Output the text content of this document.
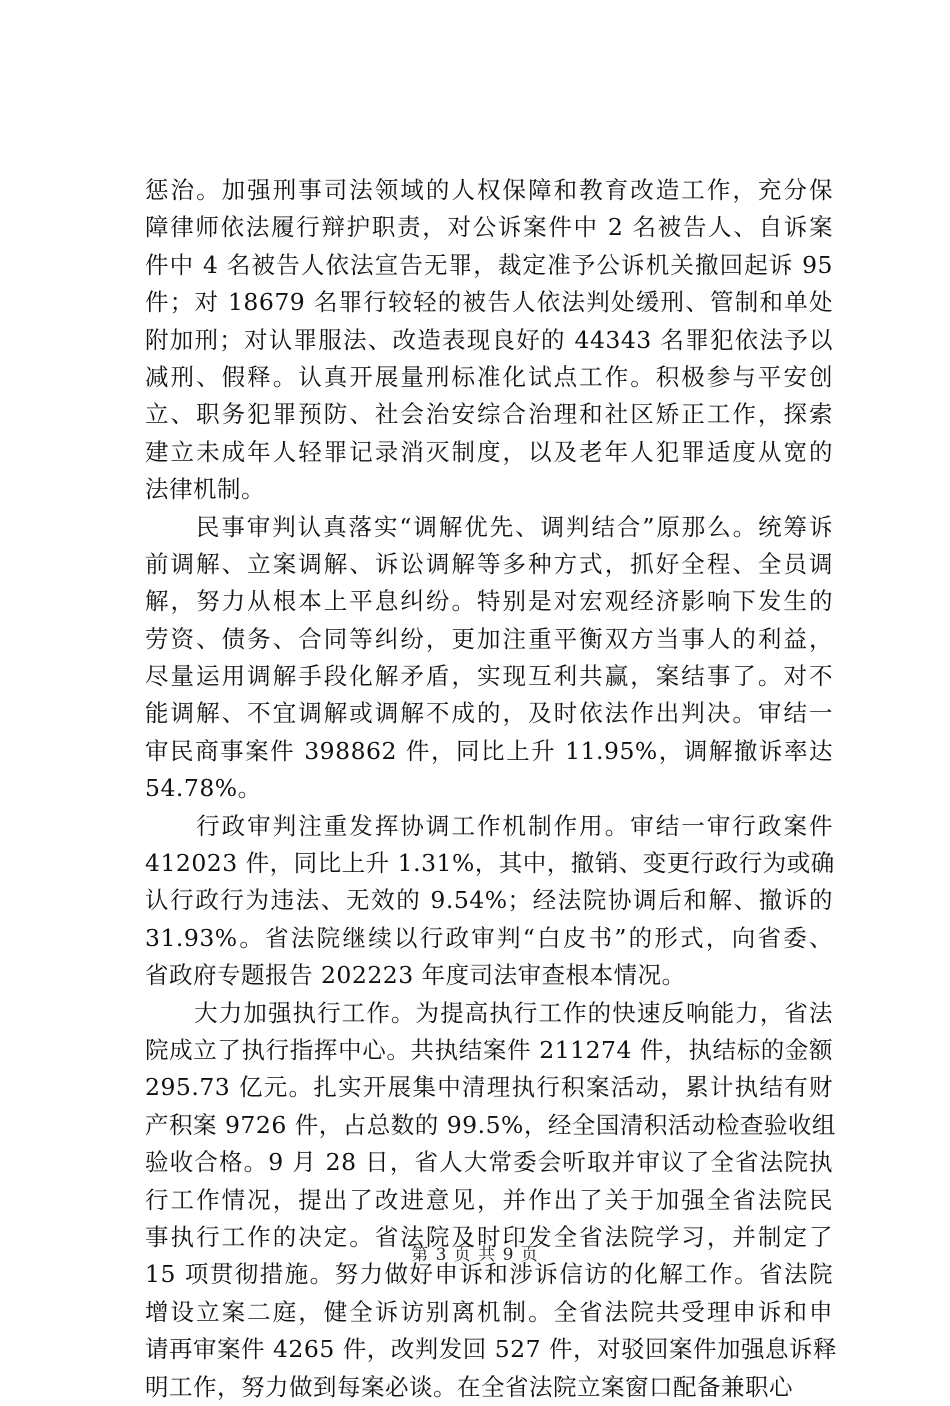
惩治。加强刑事司法领域的人权保障和教育改造工作，充分保
障律师依法履行辩护职责，对公诉案件中 2 名被告人、自诉案
件中 4 名被告人依法宣告无罪，裁定准予公诉机关撤回起诉 95
件；对 18679 名罪行较轻的被告人依法判处缓刑、管制和单处
附加刑；对认罪服法、改造表现良好的 44343 名罪犯依法予以
减刑、假释。认真开展量刑标准化试点工作。积极参与平安创
立、职务犯罪预防、社会治安综合治理和社区矫正工作，探索
建立未成年人轻罪记录消灭制度，以及老年人犯罪适度从宽的
法律机制。
　　民事审判认真落实“调解优先、调判结合”原那么。统筹诉
前调解、立案调解、诉讼调解等多种方式，抓好全程、全员调
解，努力从根本上平息纠纷。特别是对宏观经济影响下发生的
劳资、债务、合同等纠纷，更加注重平衡双方当事人的利益，
尽量运用调解手段化解矛盾，实现互利共赢，案结事了。对不
能调解、不宜调解或调解不成的，及时依法作出判决。审结一
审民商事案件 398862 件，同比上升 11.95%，调解撤诉率达
54.78%。
　　行政审判注重发挥协调工作机制作用。审结一审行政案件
412023 件，同比上升 1.31%，其中，撤销、变更行政行为或确
认行政行为违法、无效的 9.54%；经法院协调后和解、撤诉的
31.93%。省法院继续以行政审判“白皮书”的形式，向省委、
省政府专题报告 202223 年度司法审查根本情况。
　　大力加强执行工作。为提高执行工作的快速反响能力，省法
院成立了执行指挥中心。共执结案件 211274 件，执结标的金额
295.73 亿元。扎实开展集中清理执行积案活动，累计执结有财
产积案 9726 件，占总数的 99.5%，经全国清积活动检查验收组
验收合格。9 月 28 日，省人大常委会听取并审议了全省法院执
行工作情况，提出了改进意见，并作出了关于加强全省法院民
事执行工作的决定。省法院及时印发全省法院学习，并制定了
15 项贯彻措施。努力做好申诉和涉诉信访的化解工作。省法院
增设立案二庭，健全诉访别离机制。全省法院共受理申诉和申
请再审案件 4265 件，改判发回 527 件，对驳回案件加强息诉释
明工作，努力做到每案必谈。在全省法院立案窗口配备兼职心
第 3 页 共 9 页
